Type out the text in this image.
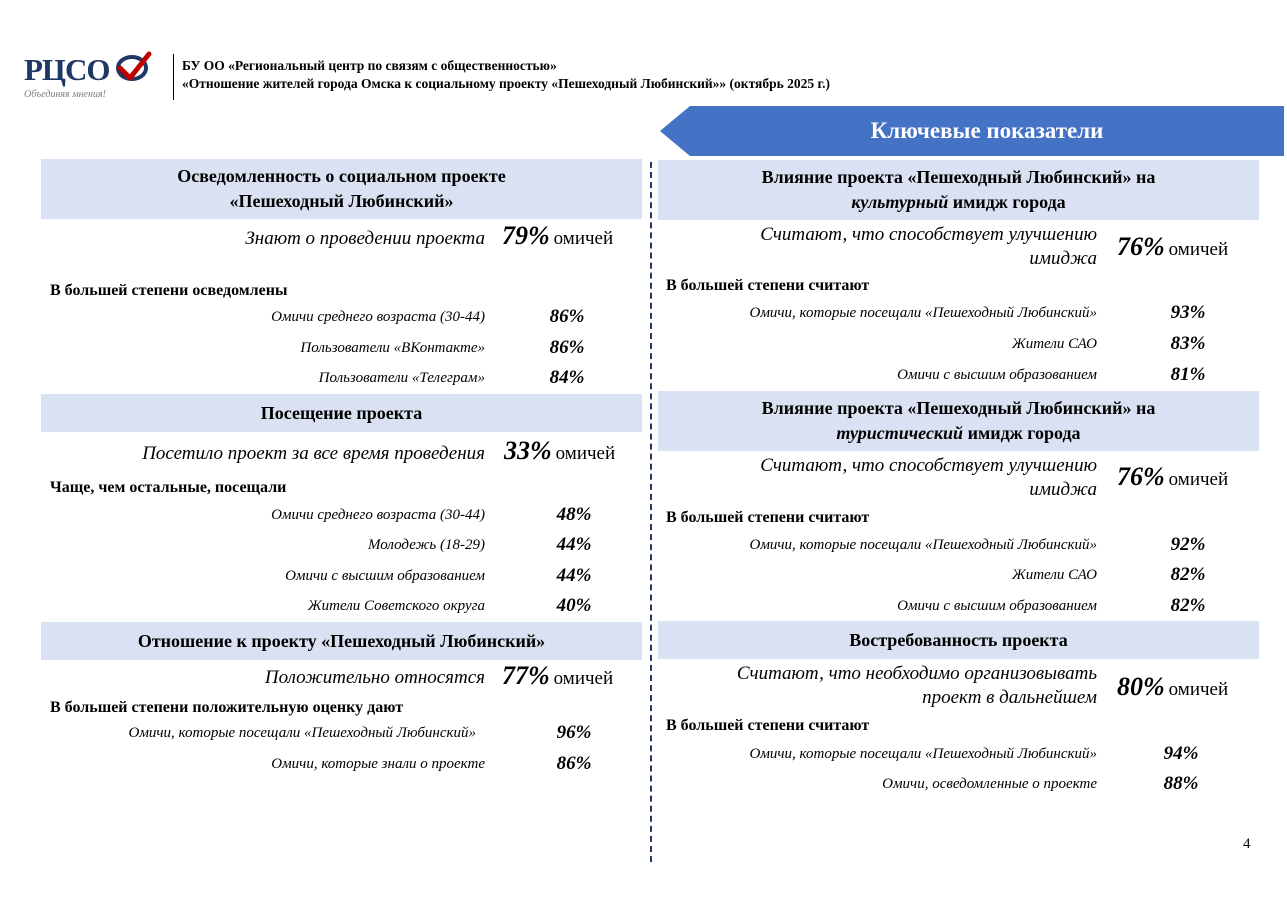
РЦСО
Объединяя мнения!
БУ ОО «Региональный центр по связям с общественностью»
«Отношение жителей города Омска к социальному проекту «Пешеходный Любинский»» (октябрь 2025 г.)
Ключевые показатели
Осведомленность о социальном проекте
«Пешеходный Любинский»
Знают о проведении проекта 79% омичей
В большей степени осведомлены
Омичи среднего возраста (30-44)	86%
Пользователи «ВКонтакте»	86%
Пользователи «Телеграм»	84%
Посещение проекта
Посетило проект за все время проведения 33% омичей
Чаще, чем остальные, посещали
Омичи среднего возраста (30-44)	48%
Молодежь (18-29)	44%
Омичи с высшим образованием	44%
Жители Советского округа	40%
Отношение к проекту «Пешеходный Любинский»
Положительно относятся 77% омичей
В большей степени положительную оценку дают
Омичи, которые посещали «Пешеходный Любинский»	96%
Омичи, которые знали о проекте	86%
Влияние проекта «Пешеходный Любинский» на
культурный имидж города
Считают, что способствует улучшению
имиджа 76% омичей
В большей степени считают
Омичи, которые посещали «Пешеходный Любинский»	93%
Жители САО	83%
Омичи с высшим образованием	81%
Влияние проекта «Пешеходный Любинский» на
туристический имидж города
Считают, что способствует улучшению
имиджа 76% омичей
В большей степени считают
Омичи, которые посещали «Пешеходный Любинский»	92%
Жители САО	82%
Омичи с высшим образованием	82%
Востребованность проекта
Считают, что необходимо организовывать
проект в дальнейшем 80% омичей
В большей степени считают
Омичи, которые посещали «Пешеходный Любинский»	94%
Омичи, осведомленные о проекте	88%
4
